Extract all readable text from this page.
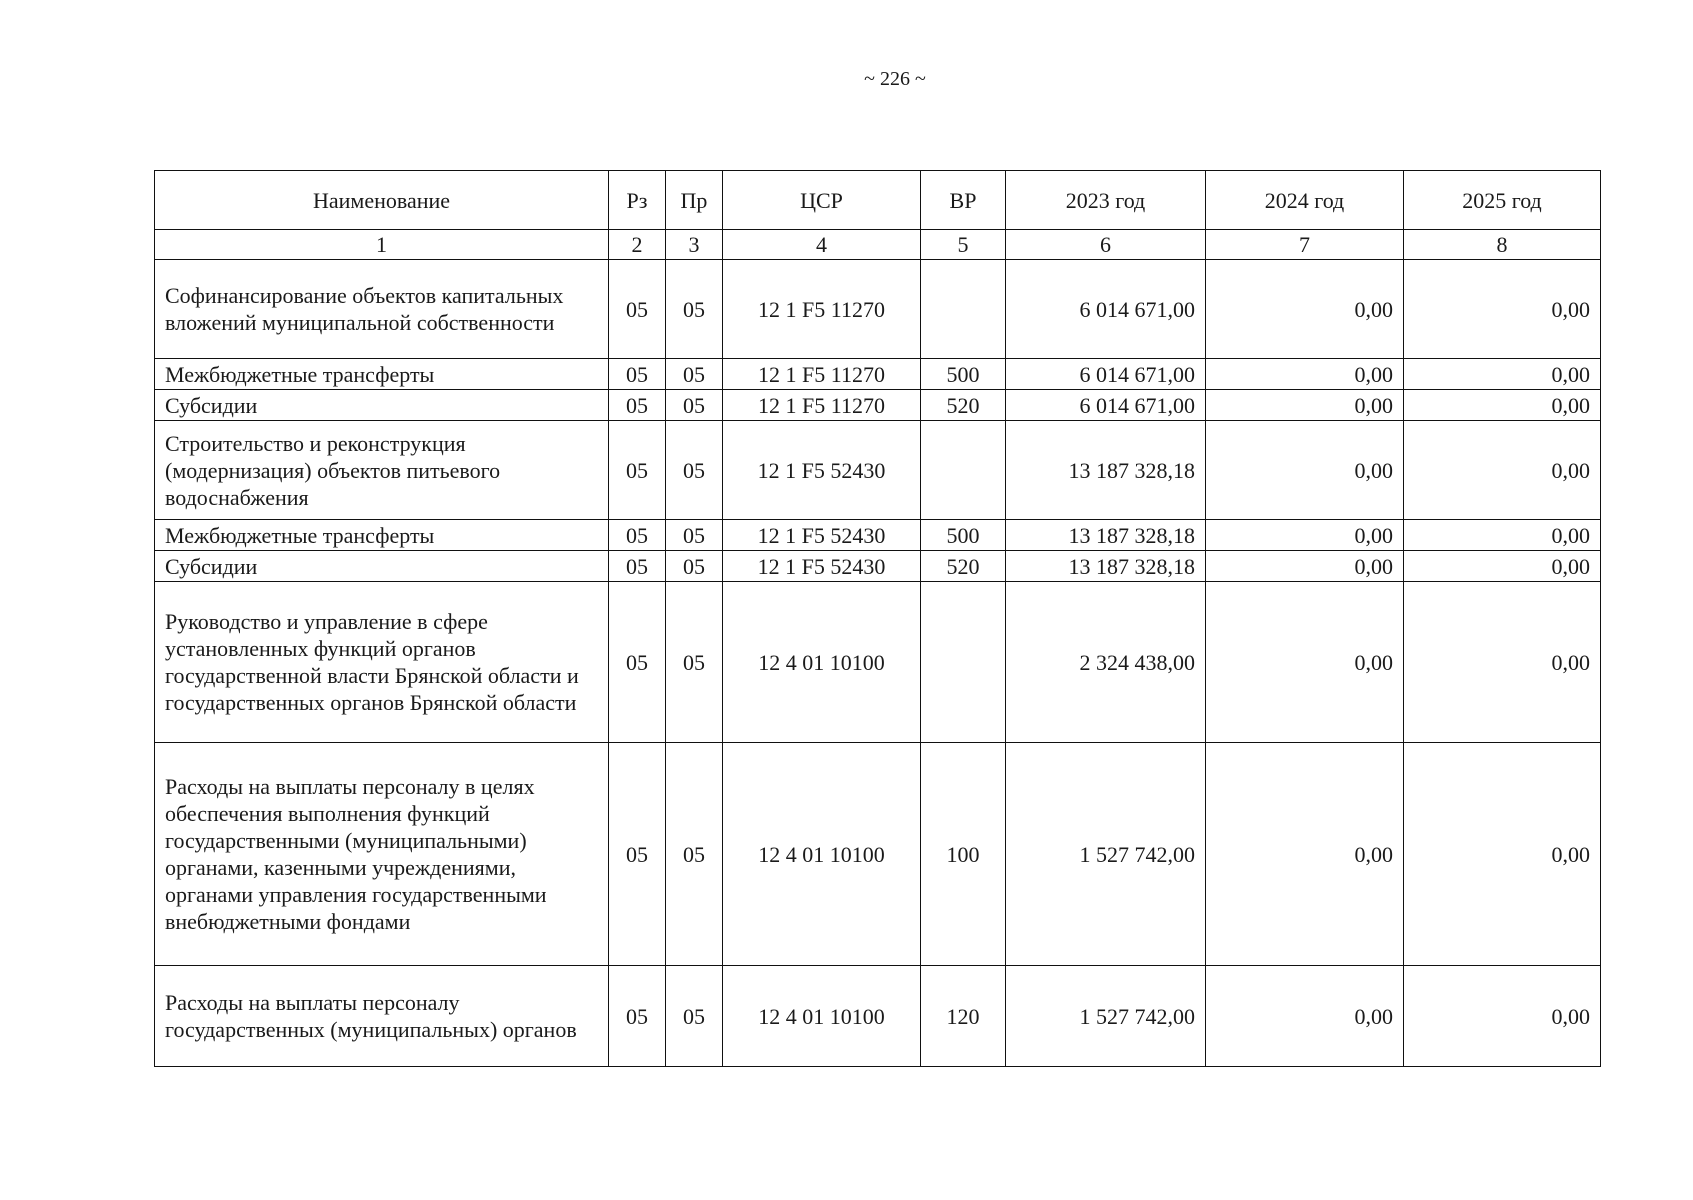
~ 226 ~
Наименование	Рз	Пр	ЦСР	ВР	2023 год	2024 год	2025 год
1	2	3	4	5	6	7	8
Софинансирование объектов капитальных вложений муниципальной собственности	05	05	12 1 F5 11270		6 014 671,00	0,00	0,00
Межбюджетные трансферты	05	05	12 1 F5 11270	500	6 014 671,00	0,00	0,00
Субсидии	05	05	12 1 F5 11270	520	6 014 671,00	0,00	0,00
Строительство и реконструкция (модернизация) объектов питьевого водоснабжения	05	05	12 1 F5 52430		13 187 328,18	0,00	0,00
Межбюджетные трансферты	05	05	12 1 F5 52430	500	13 187 328,18	0,00	0,00
Субсидии	05	05	12 1 F5 52430	520	13 187 328,18	0,00	0,00
Руководство и управление в сфере установленных функций органов государственной власти Брянской области и государственных органов Брянской области	05	05	12 4 01 10100		2 324 438,00	0,00	0,00
Расходы на выплаты персоналу в целях обеспечения выполнения функций государственными (муниципальными) органами, казенными учреждениями, органами управления государственными внебюджетными фондами	05	05	12 4 01 10100	100	1 527 742,00	0,00	0,00
Расходы на выплаты персоналу государственных (муниципальных) органов	05	05	12 4 01 10100	120	1 527 742,00	0,00	0,00
